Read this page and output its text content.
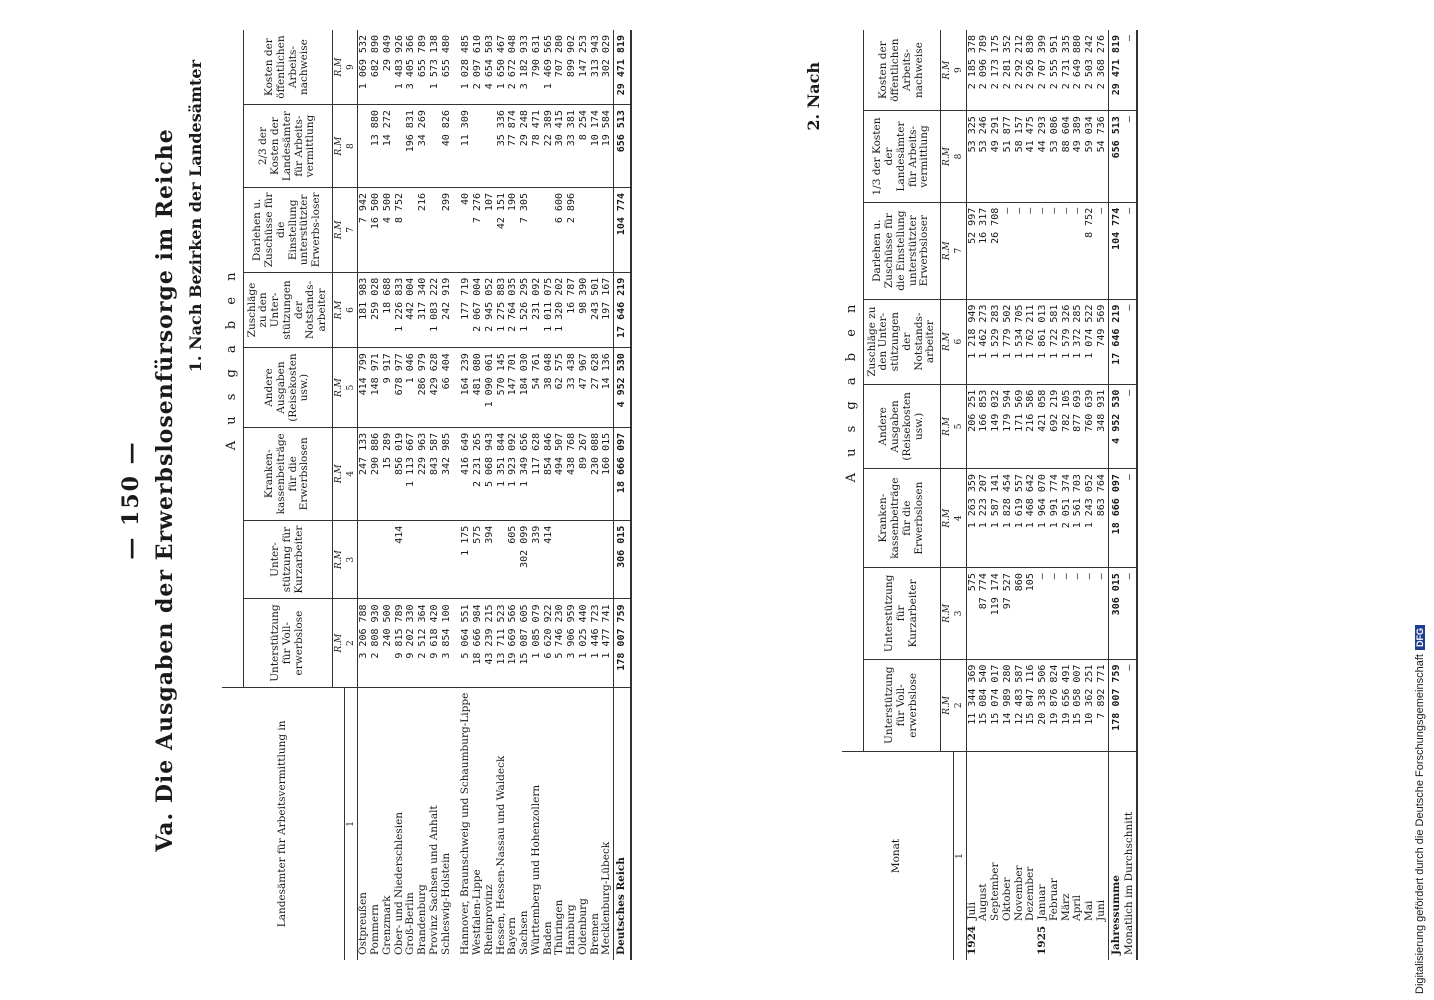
— 150 — Va. Die Ausgaben der Erwerbslosenfürsorge im Reiche 1. Nach Bezirken der Landesämter
Landesämter für Arbeitsvermittlung in	A u s g a b e n							
	Unterstützung für Voll-erwerbslose	Unter-stützung für Kurzarbeiter	Kranken-kassenbeiträge für die Erwerbslosen	Andere Ausgaben (Reisekosten usw.)	Zuschläge zu den Unter-stützungen der Notstands-arbeiter	Darlehen u. Zuschüsse für die Einstellung unterstützter Erwerbs-loser	2/3 der Kosten der Landesämter für Arbeits-vermittlung	Kosten der öffentlichen Arbeits-nachweise
	R.M	R.M	R.M	R.M	R.M	R.M	R.M	R.M
1	2	3	4	5	6	7	8	9
Ostpreußen	3 206 788		247 133	414 799	181 983	7 942		1 069 532
Pommern	2 808 930		290 886	148 971	259 028	16 500	13 880	682 890
Grenzmark	240 500		15 289	9 917	18 688	4 500	14 272	29 049
Ober- und Niederschlesien	9 815 789	414	856 019	678 977	1 226 833	8 752		1 483 926
Groß-Berlin	9 202 330		1 113 667	1 046	442 004		196 831	3 405 366
Brandenburg	2 512 364		229 963	286 979	317 340	216	34 269	655 789
Provinz Sachsen und Anhalt	9 618 420		843 587	429 628	1 083 222			1 573 138
Schleswig-Holstein	3 854 100		342 985	66 404	242 919	299	40 826	655 480

Hannover, Braunschweig und Schaumburg-Lippe	5 064 551	1 175	416 649	164 239	177 719	40	11 309	1 028 485
Westfalen-Lippe	18 666 984	575	2 231 265	481 080	2 067 004	7 276		2 097 610
Rheinprovinz	43 239 215	394	5 068 943	1 090 061	2 945 052	107		4 654 503
Hessen, Hessen-Nassau und Waldeck	13 711 523		1 351 844	570 145	1 275 883	42 151	35 336	1 650 467
Bayern	19 669 566	605	1 923 092	147 701	2 764 035	190	77 874	2 672 048
Sachsen	15 087 605	302 099	1 349 656	184 030	1 526 295	7 305	29 248	3 182 933
Württemberg und Hohenzollern	1 085 079	339	117 628	54 761	231 092		78 471	790 631
Baden	6 620 922	414	854 846	38 048	1 011 075		22 389	1 469 565
Thüringen	5 746 230		494 507	62 575	1 320 202	6 600	30 415	707 280
Hamburg	3 906 959		438 768	33 438	16 787	2 896	33 381	899 902
Oldenburg	1 025 440		89 267	47 967	98 390		8 254	147 253
Bremen	1 446 723		230 088	27 628	243 501		10 174	313 943
Mecklenburg-Lübeck	1 477 741		160 015	14 136	197 167		19 584	302 029
Deutsches Reich	178 007 759	306 015	18 666 097	4 952 530	17 646 219	104 774	656 513	29 471 819	2. Nach
Monat	A u s g a b e n							
	Unterstützung für Voll-erwerbslose	Unterstützung für Kurzarbeiter	Kranken-kassenbeiträge für die Erwerbslosen	Andere Ausgaben (Reisekosten usw.)	Zuschläge zu den Unter-stützungen der Notstands-arbeiter	Darlehen u. Zuschüsse für die Einstellung unterstützter Erwerbsloser	1/3 der Kosten der Landesämter für Arbeits-vermittlung	Kosten der öffentlichen Arbeits-nachweise
	R.M	R.M	R.M	R.M	R.M	R.M	R.M	R.M
1	2	3	4	5	6	7	8	9
1924Juli	11 344 369	575	1 263 359	206 251	1 218 949	52 997	53 325	2 185 378
August	15 084 540	87 774	1 223 207	166 853	1 462 273	16 317	53 246	2 096 789
September	15 074 017	119 174	1 587 141	149 032	1 529 283	26 708	49 291	2 173 175
Oktober	14 989 280	97 527	1 828 454	179 594	1 779 502	—	51 877	2 281 352
November	12 483 587	860	1 619 557	171 569	1 534 705	—	58 157	2 292 212
Dezember	15 847 116	105	1 468 642	216 586	1 762 211	—	41 475	2 926 830
1925Januar	20 338 506	—	1 964 070	421 058	1 861 013	—	44 293	2 707 399
Februar	19 876 824	—	1 991 774	692 219	1 722 581	—	53 086	2 555 951
März	19 656 491	—	2 051 374	782 105	1 579 326	—	88 604	2 731 335
April	15 058 007	—	1 561 703	877 693	1 372 285	—	49 389	2 649 880
Mai	10 362 251	—	1 243 052	760 639	1 074 522	8 752	59 034	2 503 242
Juni	7 892 771	—	863 764	348 931	749 569	—	54 736	2 368 276
Jahressumme	178 007 759	306 015	18 666 097	4 952 530	17 646 219	104 774	656 513	29 471 819
Monatlich im Durchschnitt	—	—	—	—	—	—	—	—
Digitalisierung gefördert durch die Deutsche ForschungsgemeinschaftDFG
